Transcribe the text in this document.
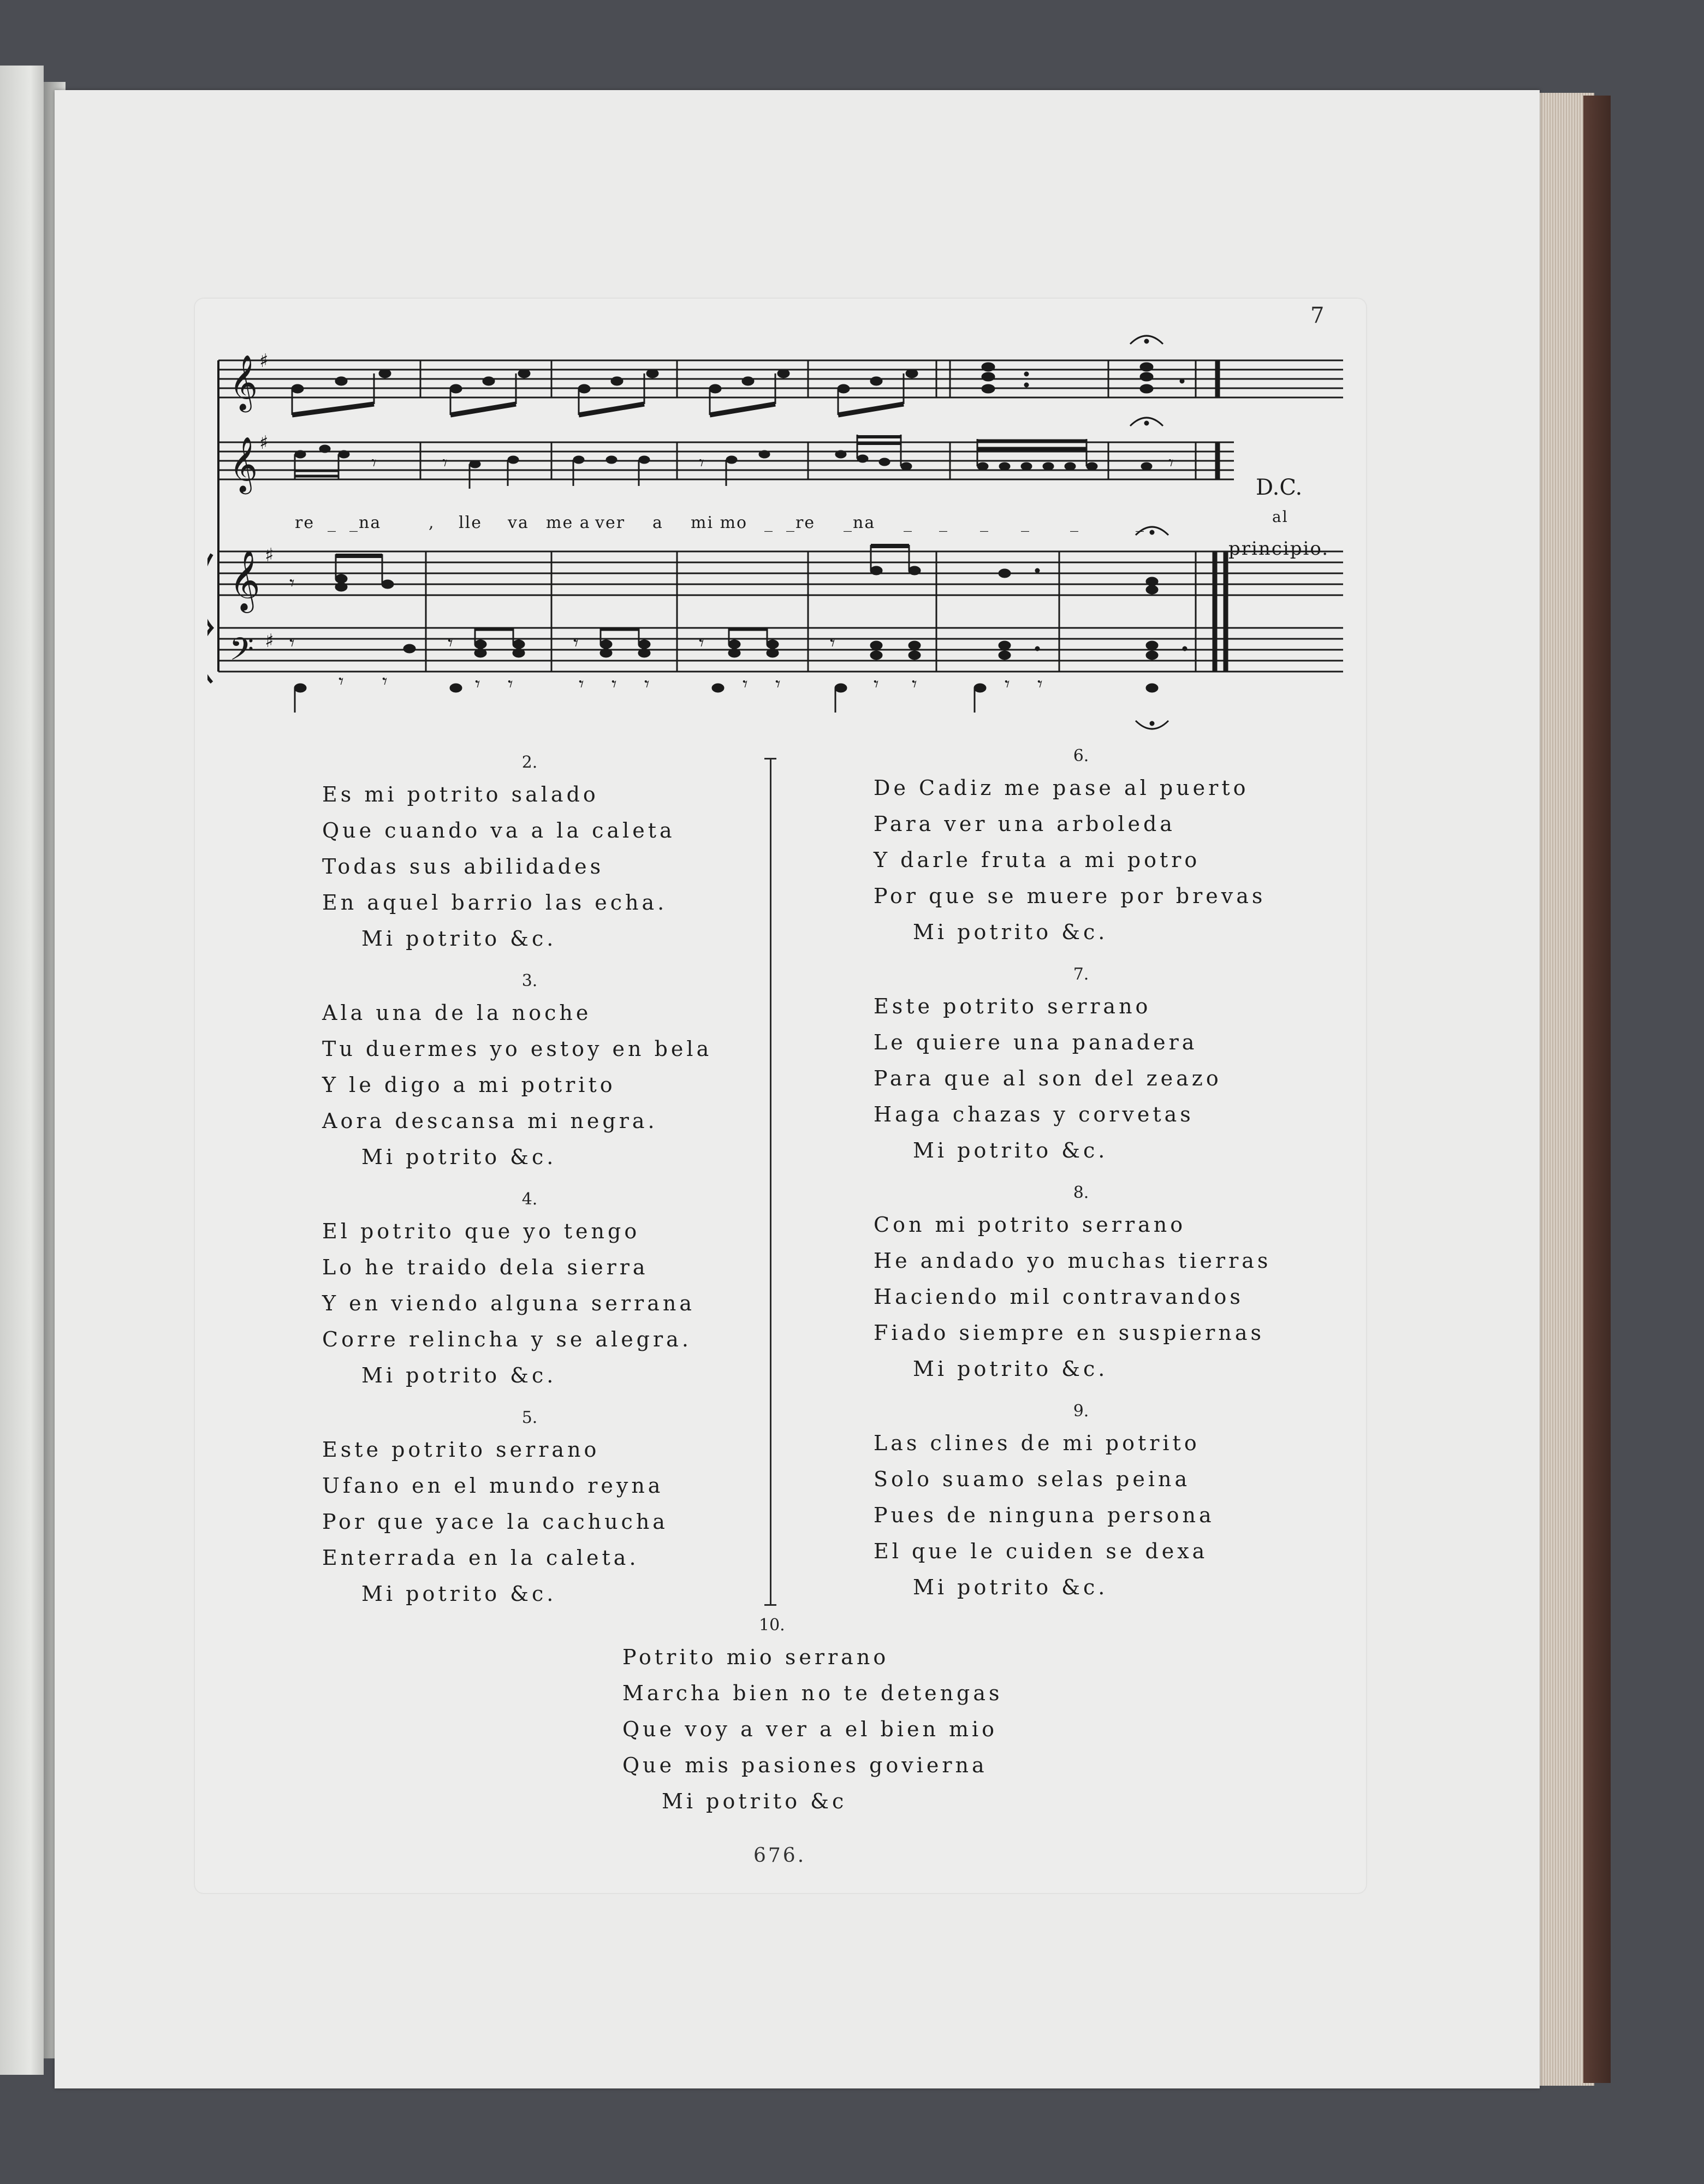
7
𝄞
𝄞
𝄞
𝄢
♯
♯
♯
♯
𝄾	𝄾	𝄾	𝄾
𝄾
𝄾
𝄾 𝄾
𝄾
𝄾 𝄾
𝄾
𝄾 𝄾 𝄾
𝄾
𝄾 𝄾
𝄾
𝄾 𝄾	𝄾 𝄾
re _ _na	, lle va me a ver a mi mo _ _re _na _ _ _ _ _	_
D.C.
al
principio.
2.
Es mi potrito salado
Que cuando va a la caleta
Todas sus abilidades
En aquel barrio las echa.
Mi potrito &c.
3.
Ala una de la noche
Tu duermes yo estoy en bela
Y le digo a mi potrito
Aora descansa mi negra.
Mi potrito &c.
4.
El potrito que yo tengo
Lo he traido dela sierra
Y en viendo alguna serrana
Corre relincha y se alegra.
Mi potrito &c.
5.
Este potrito serrano
Ufano en el mundo reyna
Por que yace la cachucha
Enterrada en la caleta.
Mi potrito &c.
6.
De Cadiz me pase al puerto
Para ver una arboleda
Y darle fruta a mi potro
Por que se muere por brevas
Mi potrito &c.
7.
Este potrito serrano
Le quiere una panadera
Para que al son del zeazo
Haga chazas y corvetas
Mi potrito &c.
8.
Con mi potrito serrano
He andado yo muchas tierras
Haciendo mil contravandos
Fiado siempre en suspiernas
Mi potrito &c.
9.
Las clines de mi potrito
Solo suamo selas peina
Pues de ninguna persona
El que le cuiden se dexa
Mi potrito &c.
10.
Potrito mio serrano
Marcha bien no te detengas
Que voy a ver a el bien mio
Que mis pasiones govierna
Mi potrito &c
676.
